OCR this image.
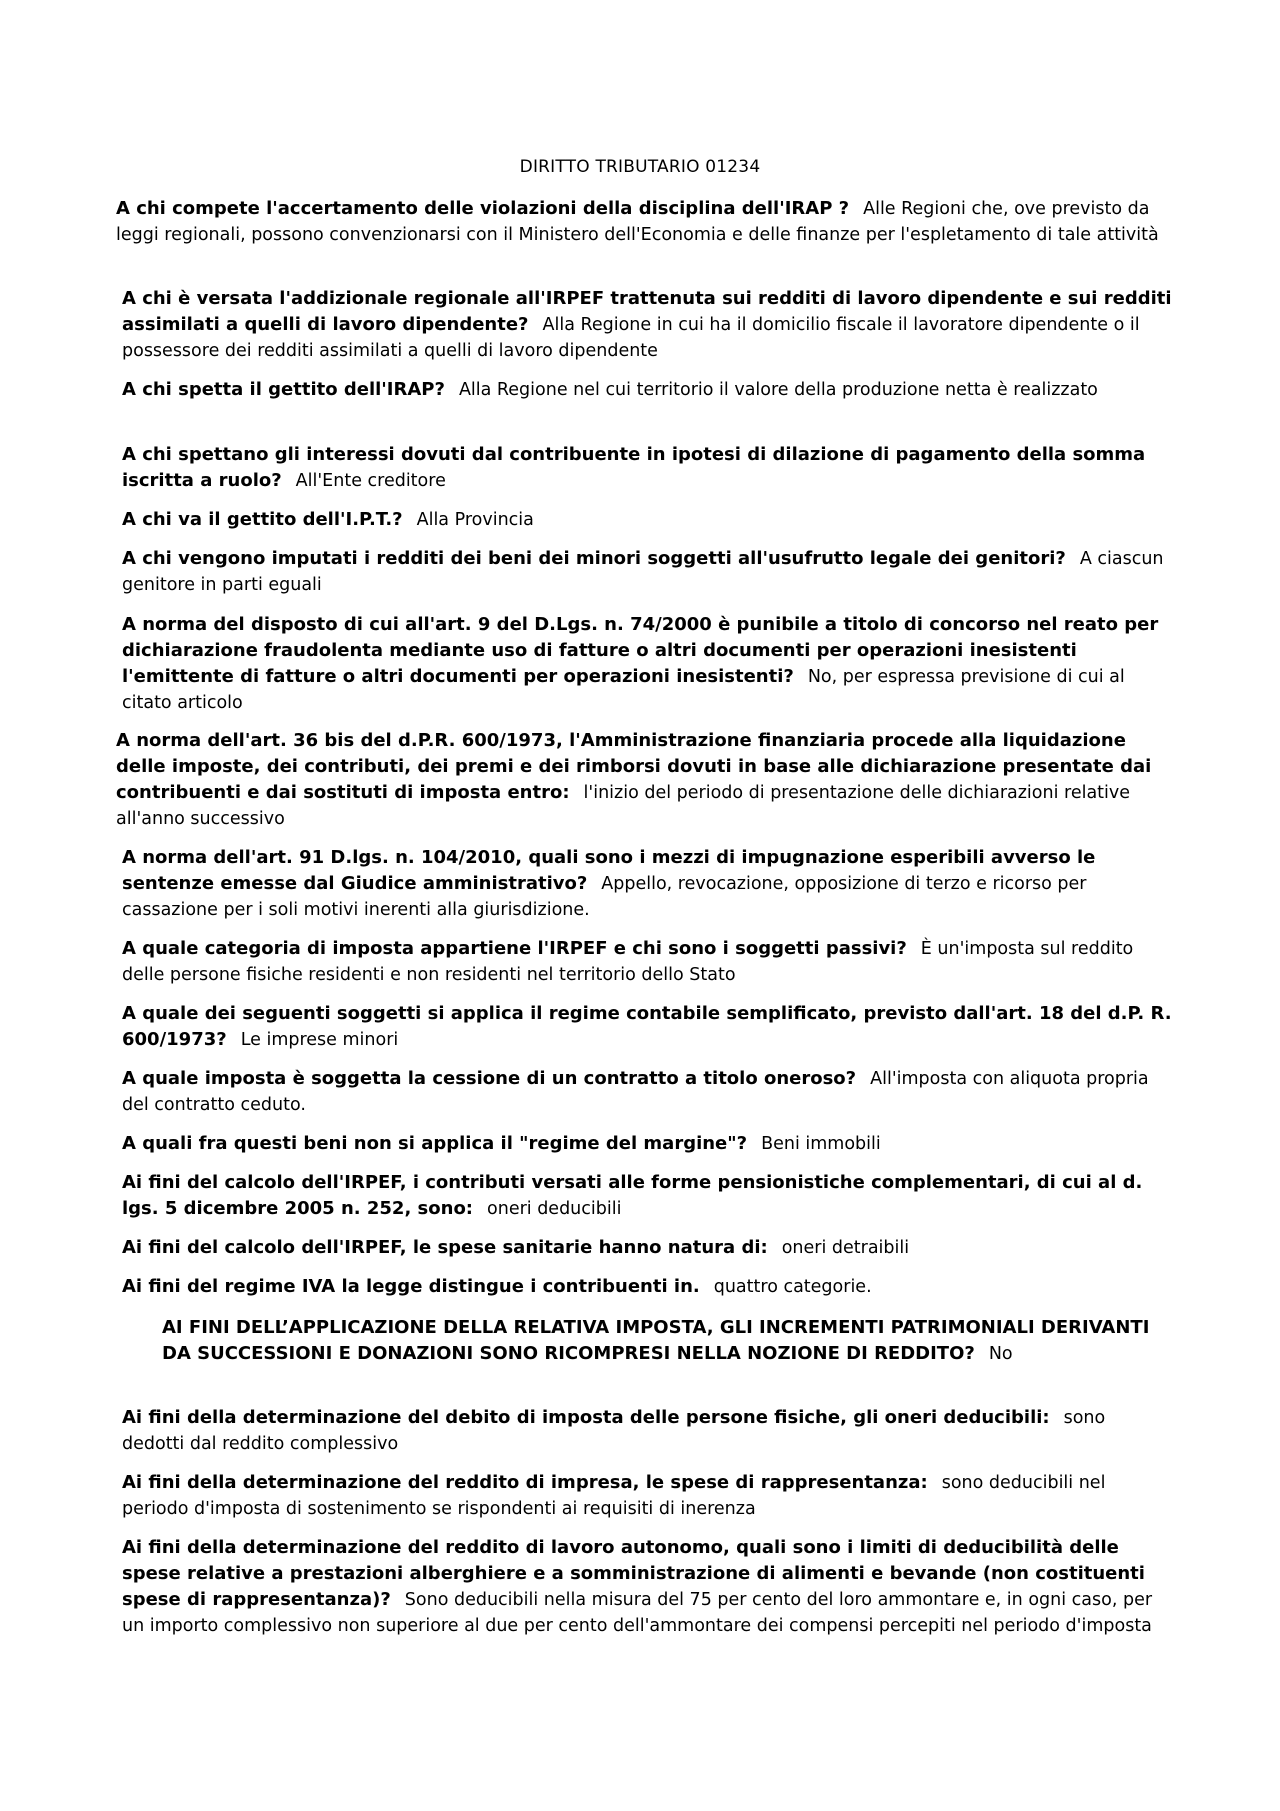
DIRITTO TRIBUTARIO 01234
A chi compete l'accertamento delle violazioni della disciplina dell'IRAP ? Alle Regioni che, ove previsto da leggi regionali, possono convenzionarsi con il Ministero dell'Economia e delle finanze per l'espletamento di tale attività
A chi è versata l'addizionale regionale all'IRPEF trattenuta sui redditi di lavoro dipendente e sui redditi assimilati a quelli di lavoro dipendente? Alla Regione in cui ha il domicilio fiscale il lavoratore dipendente o il possessore dei redditi assimilati a quelli di lavoro dipendente
A chi spetta il gettito dell'IRAP? Alla Regione nel cui territorio il valore della produzione netta è realizzato
A chi spettano gli interessi dovuti dal contribuente in ipotesi di dilazione di pagamento della somma iscritta a ruolo? All'Ente creditore
A chi va il gettito dell'I.P.T.? Alla Provincia
A chi vengono imputati i redditi dei beni dei minori soggetti all'usufrutto legale dei genitori? A ciascun genitore in parti eguali
A norma del disposto di cui all'art. 9 del D.Lgs. n. 74/2000 è punibile a titolo di concorso nel reato per dichiarazione fraudolenta mediante uso di fatture o altri documenti per operazioni inesistenti l'emittente di fatture o altri documenti per operazioni inesistenti? No, per espressa previsione di cui al citato articolo
A norma dell'art. 36 bis del d.P.R. 600/1973, l'Amministrazione finanziaria procede alla liquidazione delle imposte, dei contributi, dei premi e dei rimborsi dovuti in base alle dichiarazione presentate dai contribuenti e dai sostituti di imposta entro: l'inizio del periodo di presentazione delle dichiarazioni relative all'anno successivo
A norma dell'art. 91 D.lgs. n. 104/2010, quali sono i mezzi di impugnazione esperibili avverso le sentenze emesse dal Giudice amministrativo? Appello, revocazione, opposizione di terzo e ricorso per cassazione per i soli motivi inerenti alla giurisdizione.
A quale categoria di imposta appartiene l'IRPEF e chi sono i soggetti passivi? È un'imposta sul reddito delle persone fisiche residenti e non residenti nel territorio dello Stato
A quale dei seguenti soggetti si applica il regime contabile semplificato, previsto dall'art. 18 del d.P. R. 600/1973? Le imprese minori
A quale imposta è soggetta la cessione di un contratto a titolo oneroso? All'imposta con aliquota propria del contratto ceduto.
A quali fra questi beni non si applica il "regime del margine"? Beni immobili
Ai fini del calcolo dell'IRPEF, i contributi versati alle forme pensionistiche complementari, di cui al d. lgs. 5 dicembre 2005 n. 252, sono: oneri deducibili
Ai fini del calcolo dell'IRPEF, le spese sanitarie hanno natura di: oneri detraibili
Ai fini del regime IVA la legge distingue i contribuenti in. quattro categorie.
AI FINI DELL’APPLICAZIONE DELLA RELATIVA IMPOSTA, GLI INCREMENTI PATRIMONIALI DERIVANTI DA SUCCESSIONI E DONAZIONI SONO RICOMPRESI NELLA NOZIONE DI REDDITO? No
Ai fini della determinazione del debito di imposta delle persone fisiche, gli oneri deducibili: sono dedotti dal reddito complessivo
Ai fini della determinazione del reddito di impresa, le spese di rappresentanza: sono deducibili nel periodo d'imposta di sostenimento se rispondenti ai requisiti di inerenza
Ai fini della determinazione del reddito di lavoro autonomo, quali sono i limiti di deducibilità delle spese relative a prestazioni alberghiere e a somministrazione di alimenti e bevande (non costituenti spese di rappresentanza)? Sono deducibili nella misura del 75 per cento del loro ammontare e, in ogni caso, per un importo complessivo non superiore al due per cento dell'ammontare dei compensi percepiti nel periodo d'imposta
